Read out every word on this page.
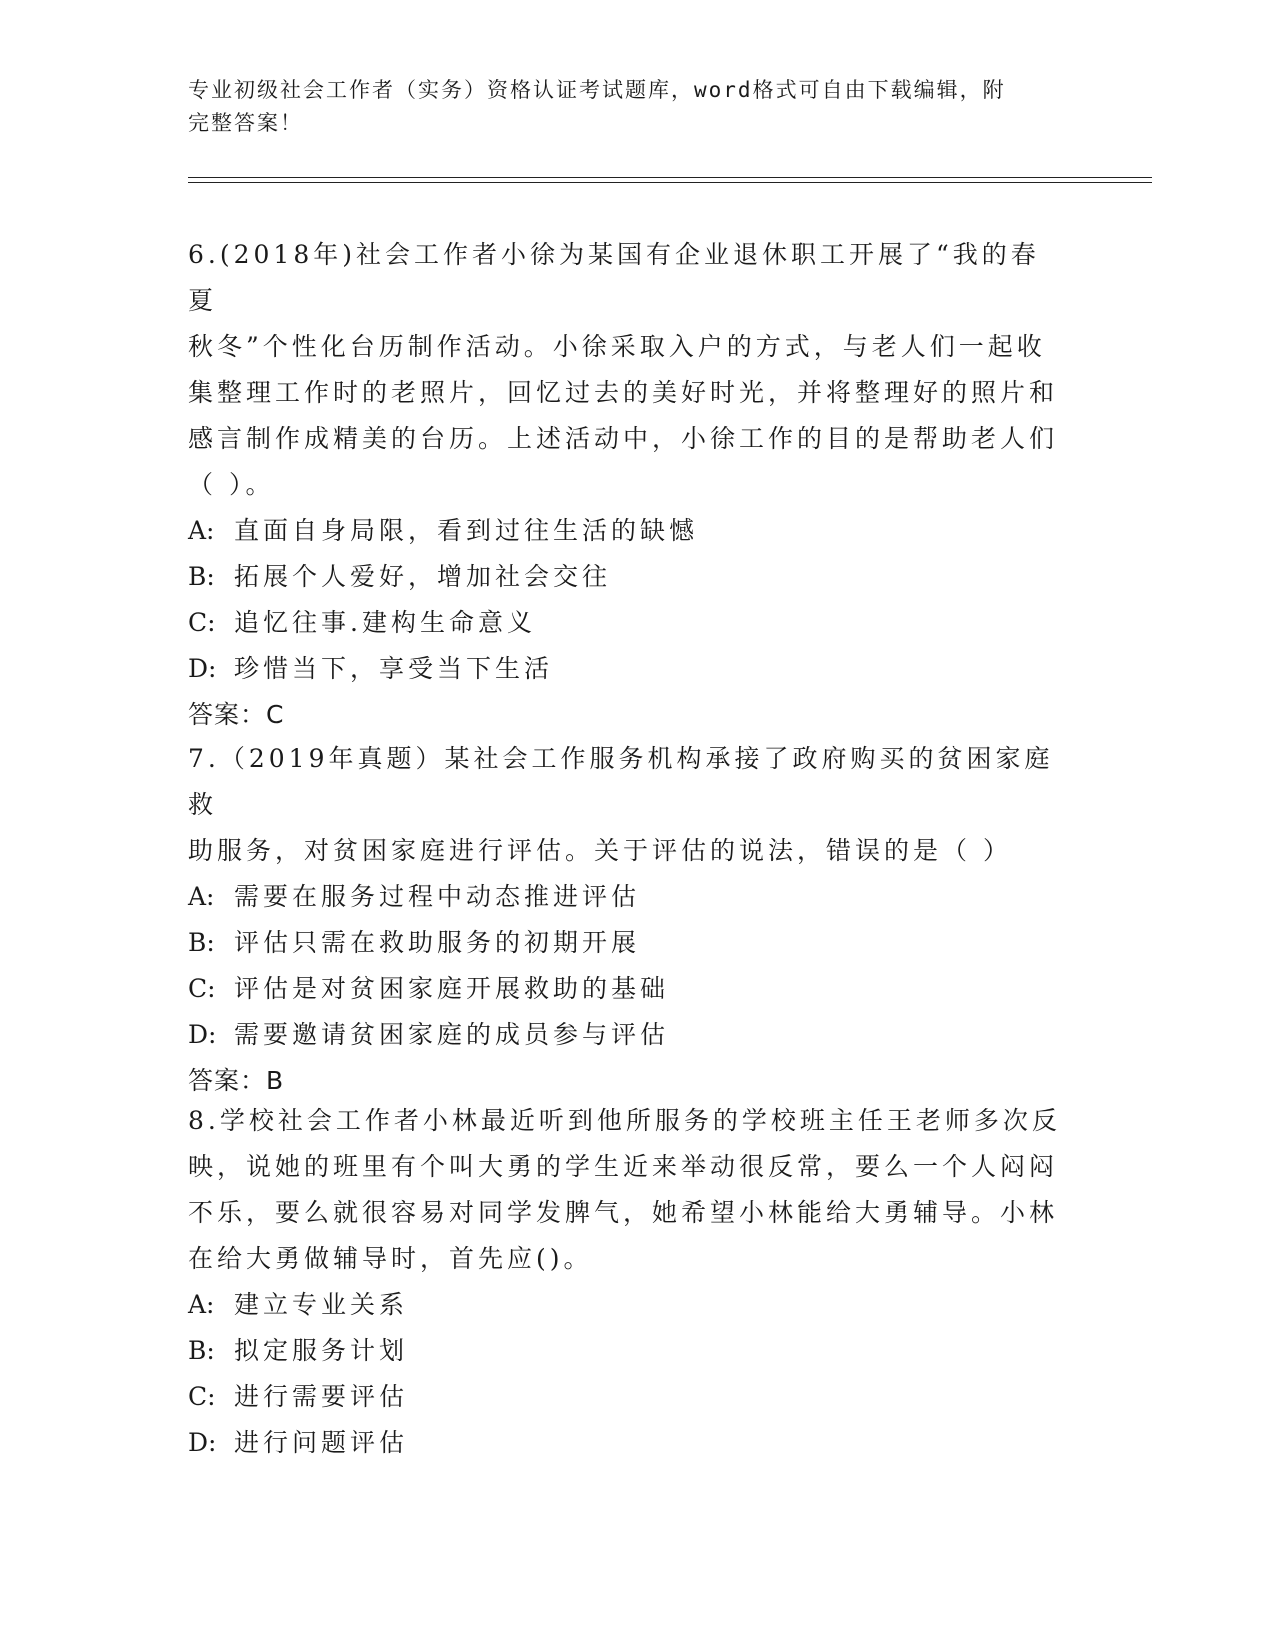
专业初级社会工作者（实务）资格认证考试题库，word格式可自由下载编辑，附
完整答案！

6.(2018年)社会工作者小徐为某国有企业退休职工开展了“我的春夏

秋冬”个性化台历制作活动。小徐采取入户的方式，与老人们一起收

集整理工作时的老照片，回忆过去的美好时光，并将整理好的照片和

感言制作成精美的台历。上述活动中，小徐工作的目的是帮助老人们

（ ）。

A: 直面自身局限，看到过往生活的缺憾

B: 拓展个人爱好，增加社会交往

C: 追忆往事.建构生命意义

D: 珍惜当下，享受当下生活

答案：C

7.（2019年真题）某社会工作服务机构承接了政府购买的贫困家庭救

助服务，对贫困家庭进行评估。关于评估的说法，错误的是（ ）

A: 需要在服务过程中动态推进评估

B: 评估只需在救助服务的初期开展

C: 评估是对贫困家庭开展救助的基础

D: 需要邀请贫困家庭的成员参与评估

答案：B

8.学校社会工作者小林最近听到他所服务的学校班主任王老师多次反

映，说她的班里有个叫大勇的学生近来举动很反常，要么一个人闷闷

不乐，要么就很容易对同学发脾气，她希望小林能给大勇辅导。小林

在给大勇做辅导时，首先应()。

A: 建立专业关系

B: 拟定服务计划

C: 进行需要评估

D: 进行问题评估
